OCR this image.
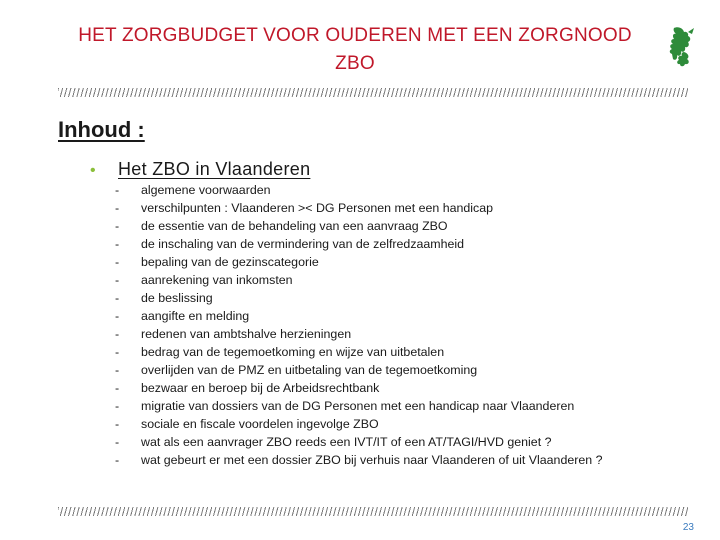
HET ZORGBUDGET VOOR OUDEREN MET EEN ZORGNOOD
ZBO
Inhoud :
•	Het ZBO in Vlaanderen
-	algemene voorwaarden
-	verschilpunten : Vlaanderen >< DG Personen met een handicap
-	de essentie van de behandeling van een aanvraag ZBO
-	de inschaling van de vermindering van de zelfredzaamheid
-	bepaling van de gezinscategorie
-	aanrekening van inkomsten
-	de beslissing
-	aangifte en melding
-	redenen van ambtshalve herzieningen
-	bedrag van de tegemoetkoming en wijze van uitbetalen
-	overlijden van de PMZ en uitbetaling van de tegemoetkoming
-	bezwaar en beroep bij de Arbeidsrechtbank
-	migratie van dossiers van de DG Personen met een handicap naar Vlaanderen
-	sociale en fiscale voordelen ingevolge ZBO
-	wat als een aanvrager ZBO reeds een IVT/IT of een AT/TAGI/HVD geniet ?
-	wat gebeurt er met een dossier ZBO bij verhuis naar Vlaanderen of uit Vlaanderen ?
23
